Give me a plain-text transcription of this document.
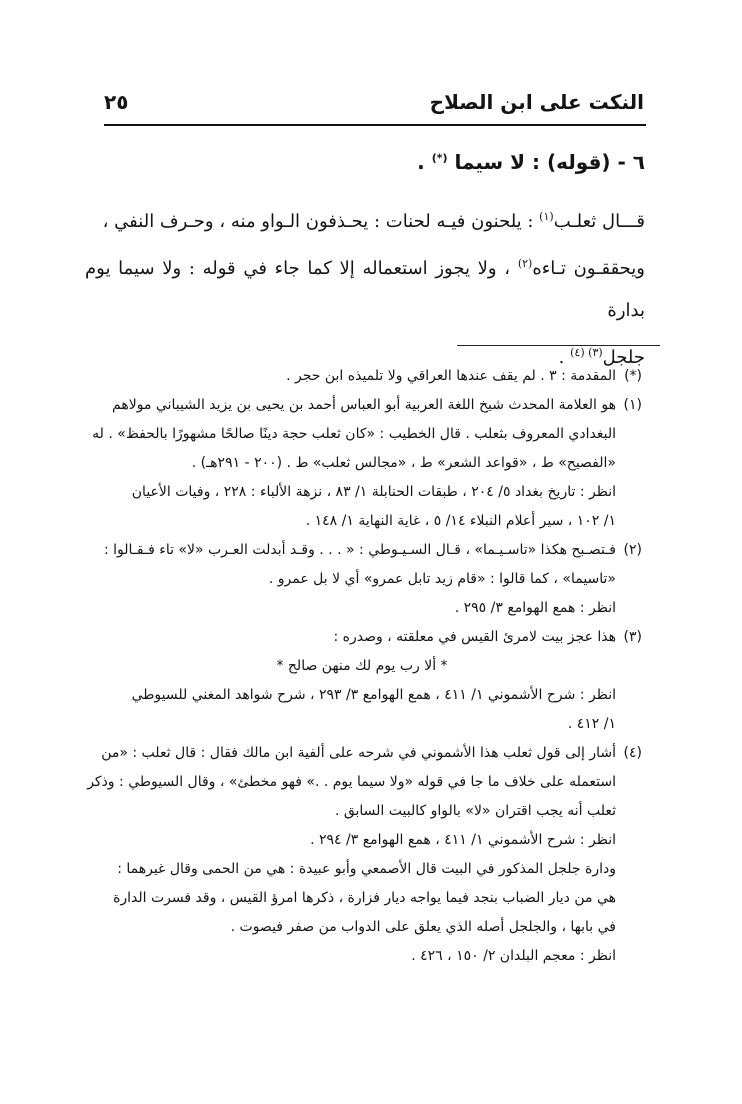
النكت على ابن الصلاح
٢٥
٦ - (قوله) : لا سيما (*) .

قـــال ثعلـب$^{(١)}$ : يلحنون فيـه لحنات : يحـذفون الـواو منه ، وحـرف النفي ،

ويحققـون تـاءه$^{(٢)}$ ، ولا يجوز استعماله إلا كما جاء في قوله : ولا سيما يوم بدارة

جلجل$^{(٣) (٤)}$ .

(*)المقدمة : ٣ . لم يقف عندها العراقي ولا تلميذه ابن حجر .

(١)هو العلامة المحدث شيخ اللغة العربية أبو العباس أحمد بن يحيى بن يزيد الشيباني مولاهم

البغدادي المعروف بثعلب . قال الخطيب : «كان ثعلب حجة دينًا صالحًا مشهورًا بالحفظ» . له

«الفصيح» ط ، «قواعد الشعر» ط ، «مجالس ثعلب» ط . (٢٠٠ - ٢٩١هـ) .

انظر : تاريخ بغداد ٥/ ٢٠٤ ، طبقات الحنابلة ١/ ٨٣ ، نزهة الألباء : ٢٢٨ ، وفيات الأعيان

١/ ١٠٢ ، سير أعلام النبلاء ١٤/ ٥ ، غاية النهاية ١/ ١٤٨ .

(٢)فـتصـبح هكذا «تاسـيـما» ، قـال السـيـوطي : « . . . وقـد أبدلت العـرب «لا» تاء فـقـالوا :

«تاسيما» ، كما قالوا : «قام زيد تابل عمرو» أي لا بل عمرو .

انظر : همع الهوامع ٣/ ٢٩٥ .

(٣)هذا عجز بيت لامرئ القيس في معلقته ، وصدره :

* ألا رب يوم لك منهن صالح *

انظر : شرح الأشموني ١/ ٤١١ ، همع الهوامع ٣/ ٢٩٣ ، شرح شواهد المغني للسيوطي

١/ ٤١٢ .

(٤)أشار إلى قول ثعلب هذا الأشموني في شرحه على ألفية ابن مالك فقال : قال ثعلب : «من

استعمله على خلاف ما جا في قوله «ولا سيما يوم . .» فهو مخطئ» ، وقال السيوطي : وذكر

ثعلب أنه يجب اقتران «لا» بالواو كالبيت السابق .

انظر : شرح الأشموني ١/ ٤١١ ، همع الهوامع ٣/ ٢٩٤ .

ودارة جلجل المذكور في البيت قال الأصمعي وأبو عبيدة : هي من الحمى وقال غيرهما :

هي من ديار الضباب بنجد فيما يواجه ديار فزارة ، ذكرها امرؤ القيس ، وقد فسرت الدارة

في بابها ، والجلجل أصله الذي يعلق على الدواب من صفر فيصوت .

انظر : معجم البلدان ٢/ ١٥٠ ، ٤٢٦ .
